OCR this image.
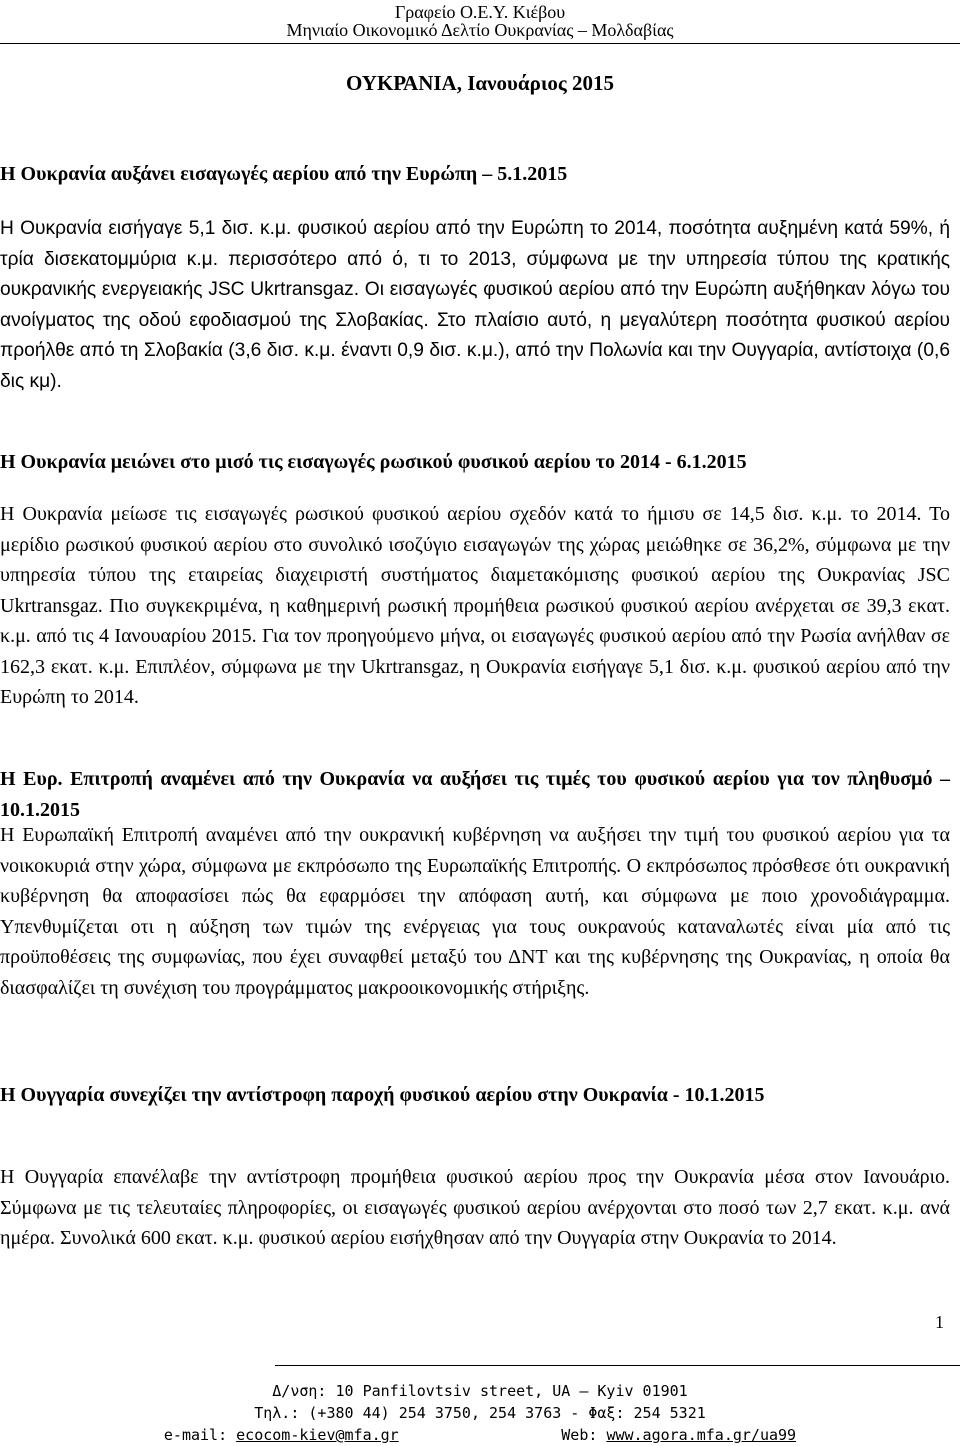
Γραφείο Ο.Ε.Υ. Κιέβου
Μηνιαίο Οικονομικό Δελτίο Ουκρανίας – Μολδαβίας
ΟΥΚΡΑΝΙΑ, Ιανουάριος 2015
Η Ουκρανία αυξάνει εισαγωγές αερίου από την Ευρώπη – 5.1.2015
Η Ουκρανία εισήγαγε 5,1 δισ. κ.μ. φυσικού αερίου από την Ευρώπη το 2014, ποσότητα αυξημένη κατά 59%, ή τρία δισεκατομμύρια κ.μ. περισσότερο από ό, τι το 2013, σύμφωνα με την υπηρεσία τύπου της κρατικής ουκρανικής ενεργειακής JSC Ukrtransgaz. Οι εισαγωγές φυσικού αερίου από την Ευρώπη αυξήθηκαν λόγω του ανοίγματος της οδού εφοδιασμού της Σλοβακίας. Στο πλαίσιο αυτό, η μεγαλύτερη ποσότητα φυσικού αερίου προήλθε από τη Σλοβακία (3,6 δισ. κ.μ. έναντι 0,9 δισ. κ.μ.), από την Πολωνία και την Ουγγαρία, αντίστοιχα (0,6 δις κμ).
Η Ουκρανία μειώνει στο μισό τις εισαγωγές ρωσικού φυσικού αερίου το 2014 - 6.1.2015
Η Ουκρανία μείωσε τις εισαγωγές ρωσικού φυσικού αερίου σχεδόν κατά το ήμισυ σε 14,5 δισ. κ.μ. το 2014. Το μερίδιο ρωσικού φυσικού αερίου στο συνολικό ισοζύγιο εισαγωγών της χώρας μειώθηκε σε 36,2%, σύμφωνα με την υπηρεσία τύπου της εταιρείας διαχειριστή συστήματος διαμετακόμισης φυσικού αερίου της Ουκρανίας JSC Ukrtransgaz. Πιο συγκεκριμένα, η καθημερινή ρωσική προμήθεια ρωσικού φυσικού αερίου ανέρχεται σε 39,3 εκατ. κ.μ. από τις 4 Ιανουαρίου 2015. Για τον προηγούμενο μήνα, οι εισαγωγές φυσικού αερίου από την Ρωσία ανήλθαν σε 162,3 εκατ. κ.μ. Επιπλέον, σύμφωνα με την Ukrtransgaz, η Ουκρανία εισήγαγε 5,1 δισ. κ.μ. φυσικού αερίου από την Ευρώπη το 2014.
Η Ευρ. Επιτροπή αναμένει από την Ουκρανία να αυξήσει τις τιμές του φυσικού αερίου για τον πληθυσμό – 10.1.2015
Η Ευρωπαϊκή Επιτροπή αναμένει από την ουκρανική κυβέρνηση να αυξήσει την τιμή του φυσικού αερίου για τα νοικοκυριά στην χώρα, σύμφωνα με εκπρόσωπο της Ευρωπαϊκής Επιτροπής. Ο εκπρόσωπος πρόσθεσε ότι ουκρανική κυβέρνηση θα αποφασίσει πώς θα εφαρμόσει την απόφαση αυτή, και σύμφωνα με ποιο χρονοδιάγραμμα. Υπενθυμίζεται οτι η αύξηση των τιμών της ενέργειας για τους ουκρανούς καταναλωτές είναι μία από τις προϋποθέσεις της συμφωνίας, που έχει συναφθεί μεταξύ του ΔΝΤ και της κυβέρνησης της Ουκρανίας, η οποία θα διασφαλίζει τη συνέχιση του προγράμματος μακροοικονομικής στήριξης.
Η Ουγγαρία συνεχίζει την αντίστροφη παροχή φυσικού αερίου στην Ουκρανία - 10.1.2015
Η Ουγγαρία επανέλαβε την αντίστροφη προμήθεια φυσικού αερίου προς την Ουκρανία μέσα στον Ιανουάριο. Σύμφωνα με τις τελευταίες πληροφορίες, οι εισαγωγές φυσικού αερίου ανέρχονται στο ποσό των 2,7 εκατ. κ.μ. ανά ημέρα. Συνολικά 600 εκατ. κ.μ. φυσικού αερίου εισήχθησαν από την Ουγγαρία στην Ουκρανία το 2014.
1
Δ/νση: 10 Panfilovtsiv street, UA – Kyiv 01901
Τηλ.: (+380 44) 254 3750, 254 3763 - Φαξ: 254 5321
e-mail: ecocom-kiev@mfa.gr	Web: www.agora.mfa.gr/ua99
